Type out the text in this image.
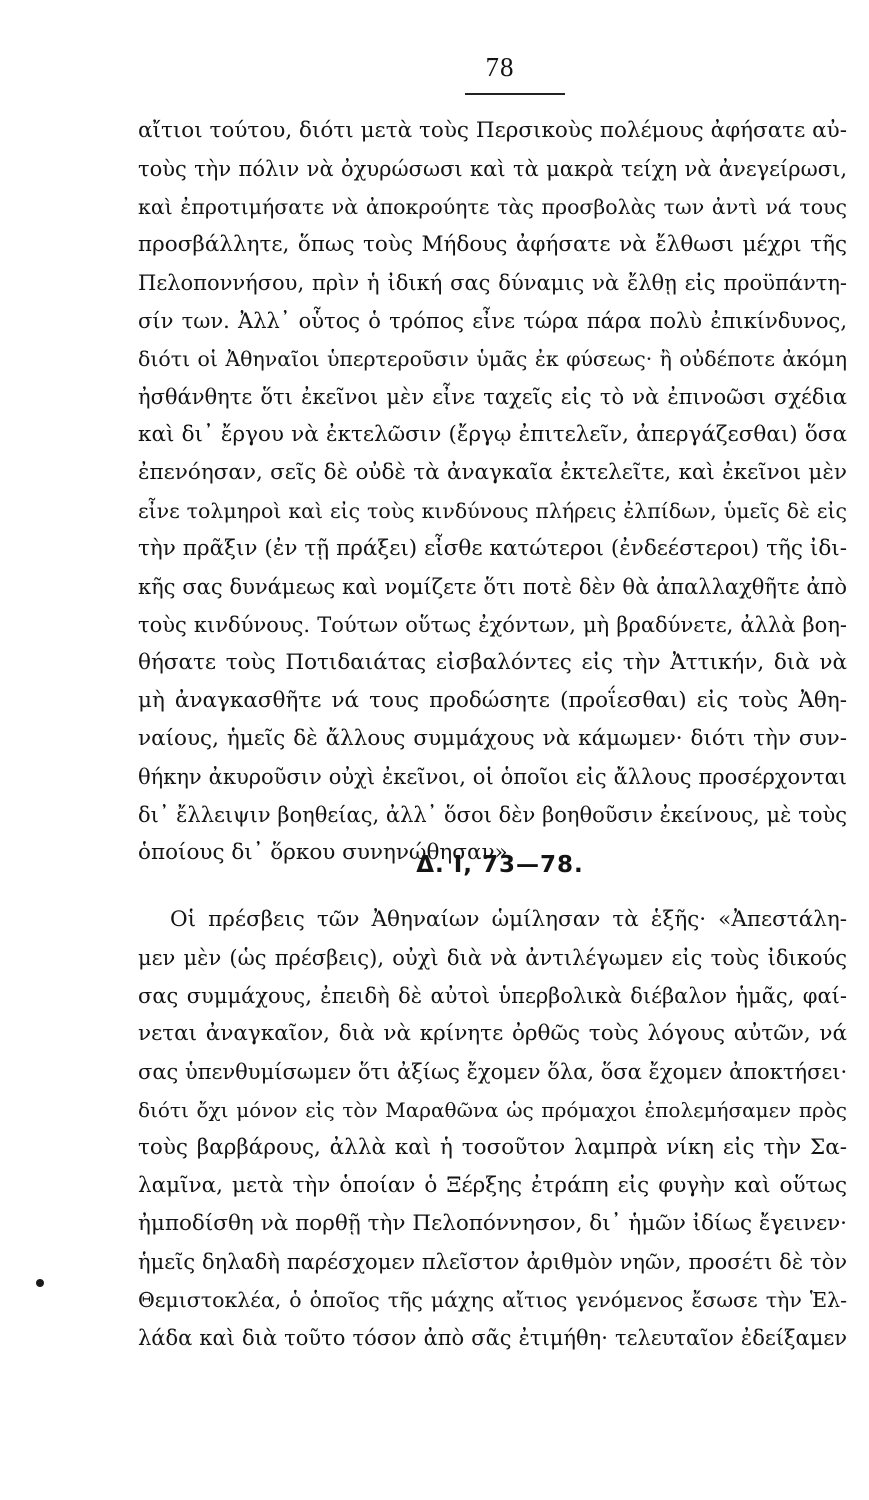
78
αἴτιοι τούτου, διότι μετὰ τοὺς Περσικοὺς πολέμους ἀφήσατε αὐ-
τοὺς τὴν πόλιν νὰ ὀχυρώσωσι καὶ τὰ μακρὰ τείχη νὰ ἀνεγείρωσι,
καὶ ἐπροτιμήσατε νὰ ἀποκρούητε τὰς προσβολὰς των ἀντὶ νά τους
προσβάλλητε, ὅπως τοὺς Μήδους ἀφήσατε νὰ ἔλθωσι μέχρι τῆς
Πελοποννήσου, πρὶν ἡ ἰδική σας δύναμις νὰ ἔλθῃ εἰς προϋπάντη-
σίν των. Ἀλλ᾽ οὗτος ὁ τρόπος εἶνε τώρα πάρα πολὺ ἐπικίνδυνος,
διότι οἱ Ἀθηναῖοι ὑπερτεροῦσιν ὑμᾶς ἐκ φύσεως· ἢ οὐδέποτε ἀκόμη
ἠσθάνθητε ὅτι ἐκεῖνοι μὲν εἶνε ταχεῖς εἰς τὸ νὰ ἐπινοῶσι σχέδια
καὶ δι᾽ ἔργου νὰ ἐκτελῶσιν (ἔργῳ ἐπιτελεῖν, ἀπεργάζεσθαι) ὅσα
ἐπενόησαν, σεῖς δὲ οὐδὲ τὰ ἀναγκαῖα ἐκτελεῖτε, καὶ ἐκεῖνοι μὲν
εἶνε τολμηροὶ καὶ εἰς τοὺς κινδύνους πλήρεις ἐλπίδων, ὑμεῖς δὲ εἰς
τὴν πρᾶξιν (ἐν τῇ πράξει) εἶσθε κατώτεροι (ἐνδεέστεροι) τῆς ἰδι-
κῆς σας δυνάμεως καὶ νομίζετε ὅτι ποτὲ δὲν θὰ ἀπαλλαχθῆτε ἀπὸ
τοὺς κινδύνους. Τούτων οὕτως ἐχόντων, μὴ βραδύνετε, ἀλλὰ βοη-
θήσατε τοὺς Ποτιδαιάτας εἰσβαλόντες εἰς τὴν Ἀττικήν, διὰ νὰ
μὴ ἀναγκασθῆτε νά τους προδώσητε (προΐεσθαι) εἰς τοὺς Ἀθη-
ναίους, ἡμεῖς δὲ ἄλλους συμμάχους νὰ κάμωμεν· διότι τὴν συν-
θήκην ἀκυροῦσιν οὐχὶ ἐκεῖνοι, οἱ ὁποῖοι εἰς ἄλλους προσέρχονται
δι᾽ ἔλλειψιν βοηθείας, ἀλλ᾽ ὅσοι δὲν βοηθοῦσιν ἐκείνους, μὲ τοὺς
ὁποίους δι᾽ ὅρκου συνηνώθησαν».
Δ. I, 73—78.
Οἱ πρέσβεις τῶν Ἀθηναίων ὡμίλησαν τὰ ἑξῆς· «Ἀπεστάλη-
μεν μὲν (ὡς πρέσβεις), οὐχὶ διὰ νὰ ἀντιλέγωμεν εἰς τοὺς ἰδικούς
σας συμμάχους, ἐπειδὴ δὲ αὐτοὶ ὑπερβολικὰ διέβαλον ἡμᾶς, φαί-
νεται ἀναγκαῖον, διὰ νὰ κρίνητε ὀρθῶς τοὺς λόγους αὐτῶν, νά
σας ὑπενθυμίσωμεν ὅτι ἀξίως ἔχομεν ὅλα, ὅσα ἔχομεν ἀποκτήσει·
διότι ὄχι μόνον εἰς τὸν Μαραθῶνα ὡς πρόμαχοι ἐπολεμήσαμεν πρὸς
τοὺς βαρβάρους, ἀλλὰ καὶ ἡ τοσοῦτον λαμπρὰ νίκη εἰς τὴν Σα-
λαμῖνα, μετὰ τὴν ὁποίαν ὁ Ξέρξης ἐτράπη εἰς φυγὴν καὶ οὕτως
ἠμποδίσθη νὰ πορθῇ τὴν Πελοπόννησον, δι᾽ ἡμῶν ἰδίως ἔγεινεν·
ἡμεῖς δηλαδὴ παρέσχομεν πλεῖστον ἀριθμὸν νηῶν, προσέτι δὲ τὸν
Θεμιστοκλέα, ὁ ὁποῖος τῆς μάχης αἴτιος γενόμενος ἔσωσε τὴν Ἑλ-
λάδα καὶ διὰ τοῦτο τόσον ἀπὸ σᾶς ἐτιμήθη· τελευταῖον ἐδείξαμεν
